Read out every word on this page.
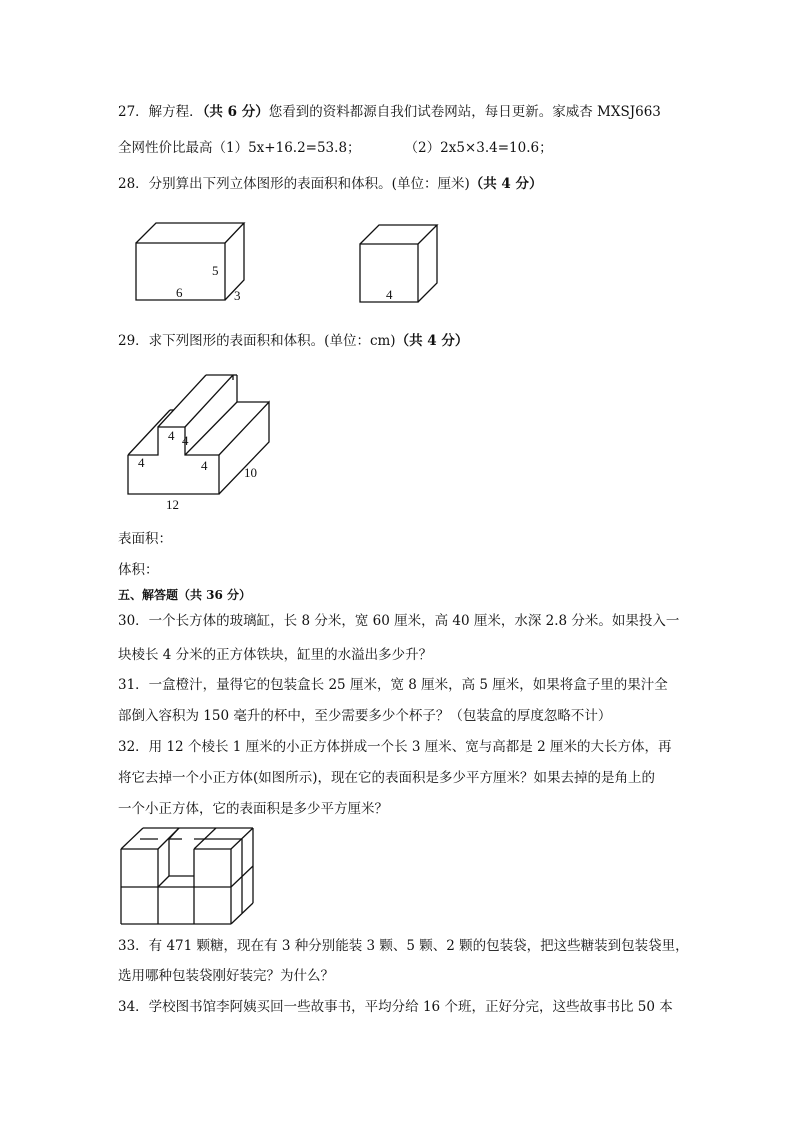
27．解方程．（共 6 分）您看到的资料都源自我们试卷网站，每日更新。家威杏 MXSJ663
全网性价比最高（1）5x+16.2=53.8；	（2）2x5×3.4=10.6；
28．分别算出下列立体图形的表面积和体积。(单位：厘米)（共 4 分）
5
6	3	4
29．求下列图形的表面积和体积。(单位：cm)（共 4 分）
4 4
4	4	10
12
表面积：
体积：
五、解答题（共 36 分）
30．一个长方体的玻璃缸，长 8 分米，宽 60 厘米，高 40 厘米，水深 2.8 分米。如果投入一
块棱长 4 分米的正方体铁块，缸里的水溢出多少升？
31．一盒橙汁，量得它的包装盒长 25 厘米，宽 8 厘米，高 5 厘米，如果将盒子里的果汁全
部倒入容积为 150 毫升的杯中，至少需要多少个杯子？（包装盒的厚度忽略不计）
32．用 12 个棱长 1 厘米的小正方体拼成一个长 3 厘米、宽与高都是 2 厘米的大长方体，再
将它去掉一个小正方体(如图所示)，现在它的表面积是多少平方厘米？如果去掉的是角上的
一个小正方体，它的表面积是多少平方厘米？
33．有 471 颗糖，现在有 3 种分别能装 3 颗、5 颗、2 颗的包装袋，把这些糖装到包装袋里，
选用哪种包装袋刚好装完？为什么？
34．学校图书馆李阿姨买回一些故事书，平均分给 16 个班，正好分完，这些故事书比 50 本
